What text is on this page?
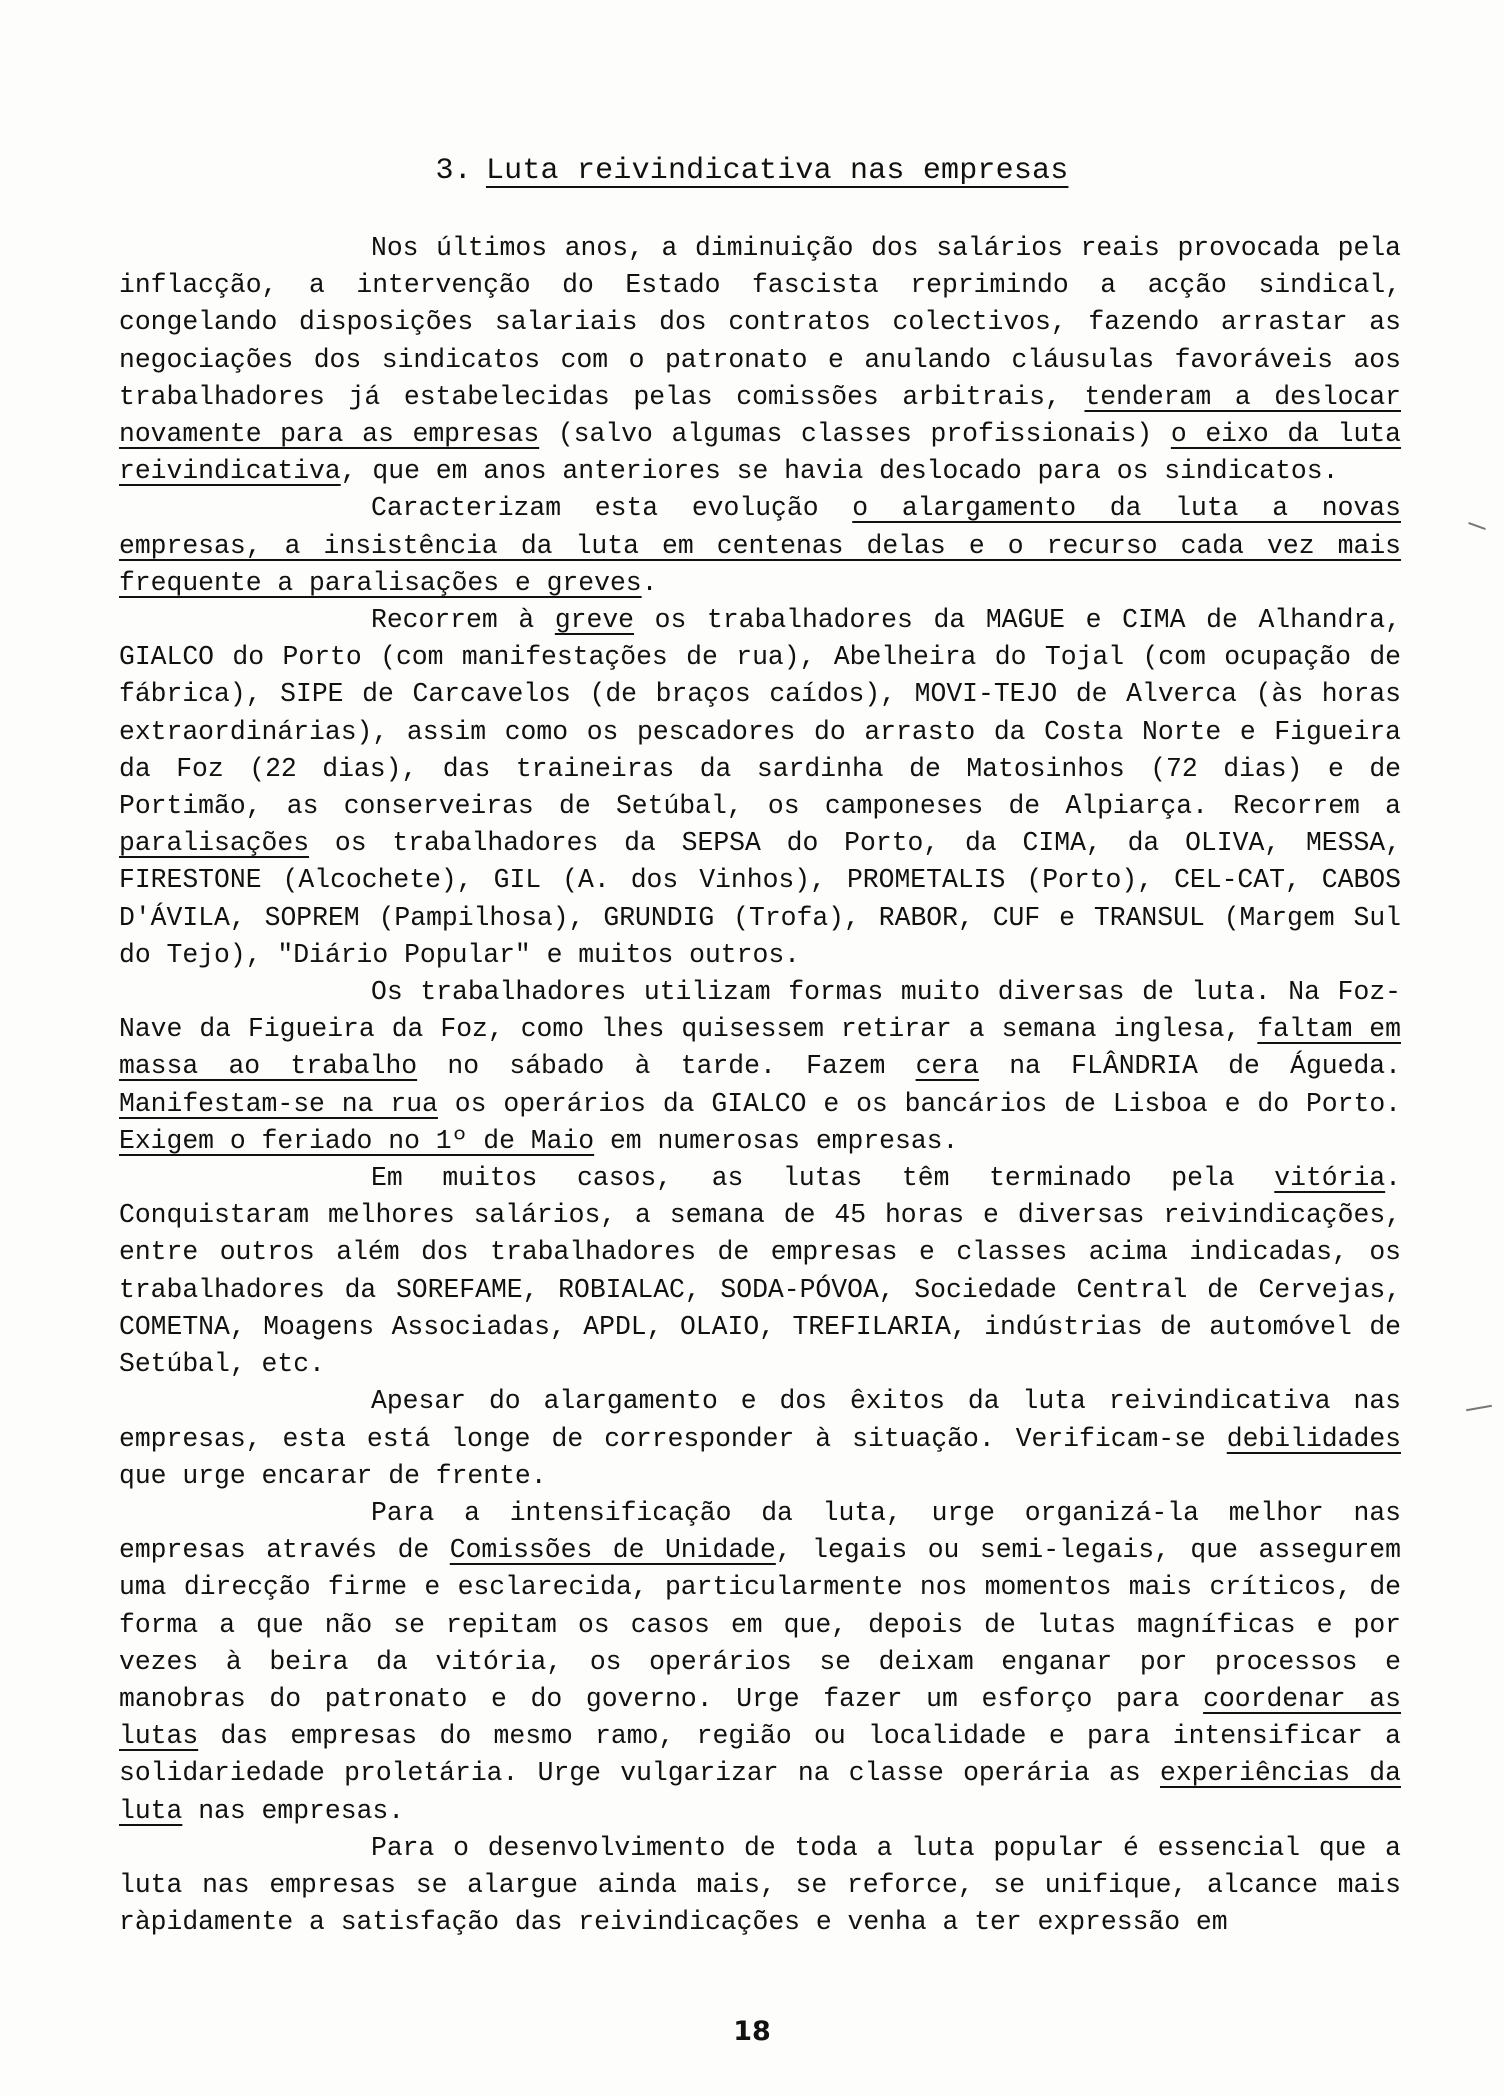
3. Luta reivindicativa nas empresas

Nos últimos anos, a diminuição dos salários reais provocada pela inflacção, a intervenção do Estado fascista reprimindo a acção sindical, congelando disposições salariais dos contratos colectivos, fazendo arrastar as negociações dos sindicatos com o patronato e anulando cláusulas favoráveis aos trabalhadores já estabelecidas pelas comissões arbitrais, tenderam a deslocar novamente para as empresas (salvo algumas classes profissionais) o eixo da luta reivindicativa, que em anos anteriores se havia deslocado para os sindicatos.

Caracterizam esta evolução o alargamento da luta a novas empresas, a insistência da luta em centenas delas e o recurso cada vez mais frequente a paralisações e greves.

Recorrem à greve os trabalhadores da MAGUE e CIMA de Alhandra, GIALCO do Porto (com manifestações de rua), Abelheira do Tojal (com ocupação de fábrica), SIPE de Carcavelos (de braços caídos), MOVI-TEJO de Alverca (às horas extraordinárias), assim como os pescadores do arrasto da Costa Norte e Figueira da Foz (22 dias), das traineiras da sardinha de Matosinhos (72 dias) e de Portimão, as conserveiras de Setúbal, os camponeses de Alpiarça. Recorrem a paralisações os trabalhadores da SEPSA do Porto, da CIMA, da OLIVA, MESSA, FIRESTONE (Alcochete), GIL (A. dos Vinhos), PROMETALIS (Porto), CEL-CAT, CABOS D'ÁVILA, SOPREM (Pampilhosa), GRUNDIG (Trofa), RABOR, CUF e TRANSUL (Margem Sul do Tejo), "Diário Popular" e muitos outros.

Os trabalhadores utilizam formas muito diversas de luta. Na Foz-Nave da Figueira da Foz, como lhes quisessem retirar a semana inglesa, faltam em massa ao trabalho no sábado à tarde. Fazem cera na FLÂNDRIA de Águeda. Manifestam-se na rua os operários da GIALCO e os bancários de Lisboa e do Porto. Exigem o feriado no 1º de Maio em numerosas empresas.

Em muitos casos, as lutas têm terminado pela vitória. Conquistaram melhores salários, a semana de 45 horas e diversas reivindicações, entre outros além dos trabalhadores de empresas e classes acima indicadas, os trabalhadores da SOREFAME, ROBIALAC, SODA-PÓVOA, Sociedade Central de Cervejas, COMETNA, Moagens Associadas, APDL, OLAIO, TREFILARIA, indústrias de automóvel de Setúbal, etc.

Apesar do alargamento e dos êxitos da luta reivindicativa nas empresas, esta está longe de corresponder à situação. Verificam-se debilidades que urge encarar de frente.

Para a intensificação da luta, urge organizá-la melhor nas empresas através de Comissões de Unidade, legais ou semi-legais, que assegurem uma direcção firme e esclarecida, particularmente nos momentos mais críticos, de forma a que não se repitam os casos em que, depois de lutas magníficas e por vezes à beira da vitória, os operários se deixam enganar por processos e manobras do patronato e do governo. Urge fazer um esforço para coordenar as lutas das empresas do mesmo ramo, região ou localidade e para intensificar a solidariedade proletária. Urge vulgarizar na classe operária as experiências da luta nas empresas.

Para o desenvolvimento de toda a luta popular é essencial que a luta nas empresas se alargue ainda mais, se reforce, se unifique, alcance mais ràpidamente a satisfação das reivindicações e venha a ter expressão em

18
